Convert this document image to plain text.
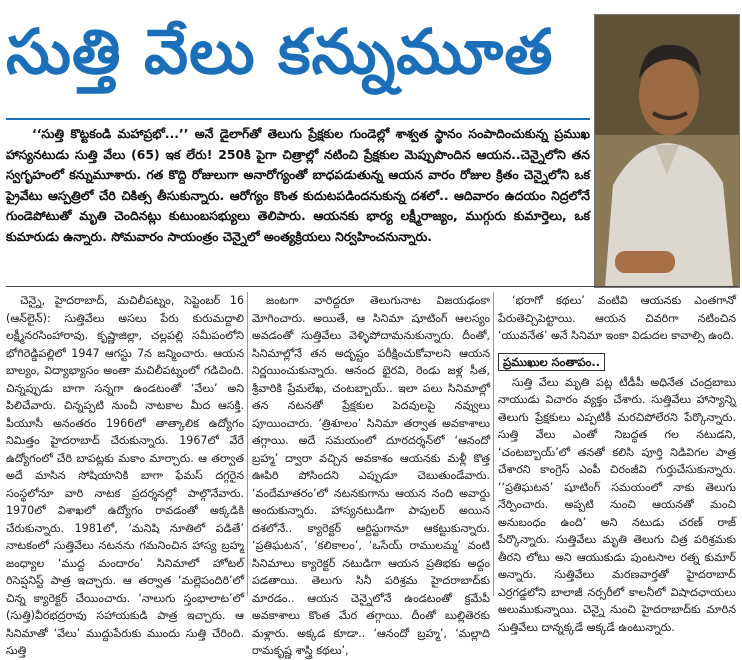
సుత్తి వేలు కన్నుమూత
‘‘సుత్తి కొట్టకండి మహాప్రభో...’’ అనే డైలాగ్‌తో తెలుగు ప్రేక్షకుల గుండెల్లో శాశ్వత స్థానం సంపాదించుకున్న ప్రముఖ హాస్యనటుడు సుత్తి వేలు (65) ఇక లేరు! 250కి పైగా చిత్రాల్లో నటించి ప్రేక్షకుల మెప్పుపొందిన ఆయన..చెన్నైలోని తన స్వగృహంలో కన్నుమూశారు. గత కొద్ది రోజులుగా అనారోగ్యంతో బాధపడుతున్న ఆయన వారం రోజుల క్రితం చెన్నైలోని ఒక ప్రైవేటు ఆస్పత్రిలో చేరి చికిత్స తీసుకున్నారు. ఆరోగ్యం కొంత కుదుటపడిందనుకున్న దశలో.. ఆదివారం ఉదయం నిద్రలోనే గుండెపోటుతో మృతి చెందినట్లు కుటుంబసభ్యులు తెలిపారు. ఆయనకు భార్య లక్ష్మీరాజ్యం, ముగ్గురు కుమార్తెలు, ఒక కుమారుడు ఉన్నారు. సోమవారం సాయంత్రం చెన్నైలో అంత్యక్రియలు నిర్వహించనున్నారు.

చెన్నై, హైదరాబాద్, మచిలీపట్నం, సెప్టెంబర్ 16 (ఆన్‌లైన్): సుత్తివేలు అసలు పేరు కురుమద్దాలి లక్ష్మీనరసింహారావు. కృష్ణాజిల్లా, చల్లపల్లి సమీపంలోని భోగిరెడ్డిపల్లిలో 1947 ఆగస్టు 7న జన్మించారు. ఆయన బాల్యం, విద్యాభ్యాసం అంతా మచిలీపట్నంలో గడిచింది. చిన్నప్పుడు బాగా సన్నగా ఉండటంతో ‘వేలు’ అని పిలిచేవారు. చిన్నప్పటి నుంచీ నాటకాల మీద ఆసక్తి. పీయూసీ అనంతరం 1966లో తాత్కాలిక ఉద్యోగం నిమిత్తం హైదరాబాద్ చేరుకున్నారు. 1967లో వేరే ఉద్యోగంలో చేరి బాపట్లకు మకాం మార్చారు. ఆ తర్వాత అదే మాసిన సోషియానికి బాగా ఫేమస్ దగ్గరైన సంస్థలోనూ వారి నాటక ప్రదర్శనల్లో పాల్గొనేవారు. 1970లో విశాఖలో ఉద్యోగం రావడంతో అక్కడికి చేరుకున్నారు. 1981లో, ‘మనిషి నూతిలో పడితే’ నాటకంలో సుత్తివేలు నటనను గమనించిన హాస్య బ్రహ్మ జంధ్యాల ‘ముద్ద మందారం’ సినిమాలో హోటల్ రిసెప్షనిస్ట్ పాత్ర ఇచ్చారు. ఆ తర్వాత ‘మల్లెపందిరి’లో చిన్న క్యారెక్టర్ చేయించారు. ‘నాలుగు స్తంభాలాట’లో (సుత్తి)వీరభద్రరావు సహాయకుడి పాత్ర ఇచ్చారు. ఆ సినిమాతో ‘వేలు’ ముద్దుపేరుకు ముందు సుత్తి చేరింది. సుత్తి

జంటగా వారిద్దరూ తెలుగునాట విజయఢంకా మోగించారు. అయితే, ఆ సినిమా షూటింగ్ ఆలస్యం అవడంతో సుత్తివేలు వెళ్ళిపోదామనుకున్నారు. దీంతో, సినిమాల్లోనే తన అదృష్టం పరీక్షించుకోవాలని ఆయన నిర్ణయించుకున్నారు. ఆనంద భైరవి, రెండు జళ్ల సీత, శ్రీవారికి ప్రేమలేఖ, చంటబ్బాయ్.. ఇలా పలు సినిమాల్లో తన నటనతో ప్రేక్షకుల పెదవులపై నవ్వులు పూయించారు. ‘త్రిశూలం’ సినిమా తర్వాత అవకాశాలు తగ్గాయి. అదే సమయంలో దూరదర్శన్‌లో ‘ఆనందో బ్రహ్మ’ ద్వారా వచ్చిన అవకాశం ఆయనకు మళ్లీ కొత్త ఊపిరి పోసిందని ఎప్పుడూ చెబుతుండేవారు. ‘వందేమాతరం’లో నటనకుగాను ఆయన నంది అవార్డు అందుకున్నారు. హాస్యనటుడిగా పాపులర్ అయిన దశలోనే.. క్యారెక్టర్ ఆర్టిస్టుగానూ ఆకట్టుకున్నారు. ‘ప్రతిఘటన’, ‘కలికాలం’, ‘ఒసేయ్ రాములమ్మ’ వంటి సినిమాలు క్యారెక్టర్ నటుడిగా ఆయన ప్రతిభకు అద్దం పడతాయి. తెలుగు సినీ పరిశ్రమ హైదరాబాద్‌కు మారడం.. ఆయన చెన్నైలోనే ఉండటంతో క్రమేపీ అవకాశాలు కొంత మేర తగ్గాయి. దీంతో బుల్లితెరకు మళ్లారు. అక్కడ కూడా.. ‘ఆనందో బ్రహ్మ’, ‘మల్లాది రామకృష్ణ శాస్త్రి కథలు’,

‘భరాగో కథలు’ వంటివి ఆయనకు ఎంతగానో పేరుతెచ్చిపెట్టాయి. ఆయన చివరిగా నటించిన ‘యువనేత’ అనే సినిమా ఇంకా విడుదల కావాల్సి ఉంది.

ప్రముఖుల సంతాపం..

సుత్తి వేలు మృతి పట్ల టీడీపీ అధినేత చంద్రబాబు నాయుడు విచారం వ్యక్తం చేశారు. సుత్తివేలు హాస్యాన్ని తెలుగు ప్రేక్షకులు ఎప్పటికీ మరచిపోలేరని పేర్కొన్నారు. సుత్తి వేలు ఎంతో నిబద్ధత గల నటుడని, ‘చంటబ్బాయ్’లో తనతో కలిసి పూర్తి నిడివిగల పాత్ర చేశారని కాంగ్రెస్ ఎంపీ చిరంజీవి గుర్తుచేసుకున్నారు. ‘‘ప్రతిఘటన’ షూటింగ్ సమయంలో నాకు తెలుగు నేర్పించారు. అప్పటి నుంచి ఆయనతో మంచి అనుబంధం ఉంది’ అని నటుడు చరణ్ రాజ్ పేర్కొన్నారు. సుత్తివేలు మృతి తెలుగు చిత్ర పరిశ్రమకు తీరని లోటు అని ఆయుకుడు పుంటసాల రత్న కుమార్ అన్నారు. సుత్తివేలు మరణవార్తతో హైదరాబాద్ ఎర్రగడ్డలోని బాలాజీ నర్సరీలో కాలనీలో విషాదఛాయలు అలుముకున్నాయి. చెన్నై నుంచి హైదరాబాద్‌కు మారిన సుత్తివేలు దాన్నక్కడే అక్కడే ఉంటున్నారు.
